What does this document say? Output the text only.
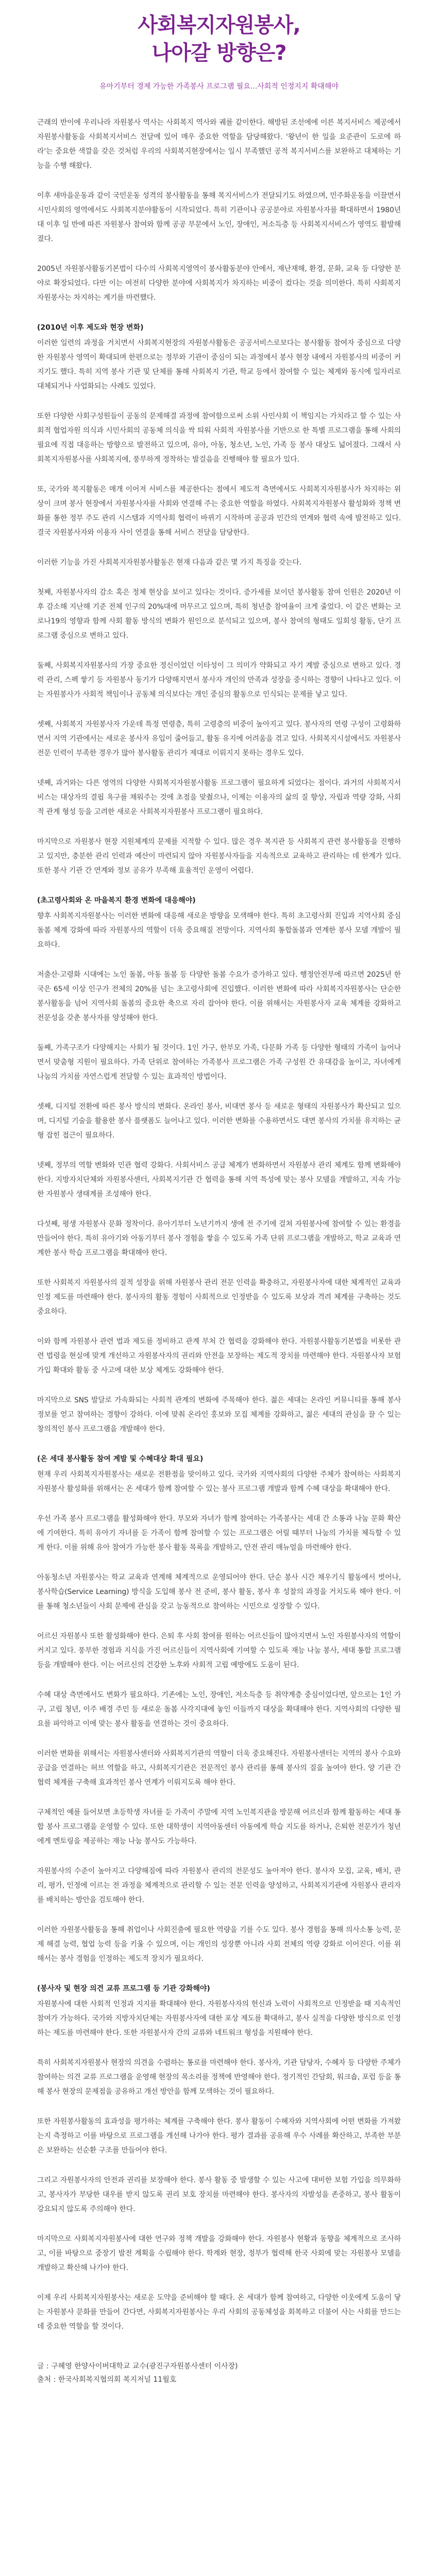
사회복지자원봉사,
나아갈 방향은?

유아기부터 경제 가능한 가족봉사 프로그램 필요...사회적 인정지지 확대해야

근래의 반이에 우리나라 자원봉사 역사는 사회복지 역사와 궤를 같이한다. 해방된 조선에에 이른 복지서비스 제공에서 자원봉사활동을 사회복지서비스 전달에 있어 매우 중요한 역할을 담당해왔다. '왕년이 한 일을 요준관이 도로에 하라'는 중요한 색깔을 갖은 것처럼 우리의 사회복지현장에서는 일시 부족했던 공적 복지서비스를 보완하고 대체하는 기능을 수행 해왔다.

이후 새마을운동과 같이 국민운동 성격의 봉사활동을 통해 복지서비스가 전달되기도 하였으며, 민주화운동을 이끌면서 시민사회의 영역에서도 사회복지분야활동이 시작되었다. 특히 기관이나 공공분야로 자원봉사자를 확대하면서 1980년대 이후 일 반에 따른 자원봉사 참여와 함께 공공 부문에서 노인, 장애인, 저소득층 등 사회복지서비스가 영역도 활발해졌다.

2005년 자원봉사활동기본법이 다수의 사회복지영역이 봉사활동분야 안에서, 재난재해, 환경, 문화, 교육 등 다양한 분야로 확장되었다. 다만 이는 여전히 다양한 분야에 사회복지가 차지하는 비중이 컸다는 것을 의미한다. 특히 사회복지 자원봉사는 차지하는 계기를 마련했다.

(2010년 이후 제도와 현장 변화)

이러한 일련의 과정을 거치면서 사회복지현장의 자원봉사활동은 공공서비스로보다는 봉사활동 참여자 중심으로 다양한 자원봉사 영역이 확대되며 한편으로는 정부와 기관이 중심이 되는 과정에서 봉사 현장 내에서 자원봉사의 비중이 커지기도 했다. 특히 지역 봉사 기관 및 단체를 통해 사회복지 기관, 학교 등에서 참여할 수 있는 체계와 동시에 일자리로 대체되거나 사업화되는 사례도 있었다.

또한 다양한 사회구성원들이 공동의 문제해결 과정에 참여함으로써 소위 사민사회 이 책임지는 가치라고 할 수 있는 사회적 협업자원 의식과 시민사회의 공동체 의식을 싹 틔워 사회적 자원봉사를 기반으로 한 특별 프로그램을 통해 사회의 필요에 직접 대응하는 방향으로 발전하고 있으며, 유아, 아동, 청소년, 노인, 가족 등 봉사 대상도 넓어졌다. 그래서 사회복지자원봉사를 사회복지에, 풍부하게 정착하는 발걸음을 진행해야 할 필요가 있다.

또, 국가와 복지활동은 매개 이어져 서비스를 제공한다는 점에서 제도적 측면에서도 사회복지자원봉사가 차지하는 위상이 크며 봉사 현장에서 자원봉사자를 사회와 연결해 주는 중요한 역할을 하였다. 사회복지자원봉사 활성화와 정책 변화를 통한 정부 주도 관리 시스템과 지역사회 협력이 바뀌기 시작하며 공공과 민간의 연계와 협력 속에 발전하고 있다. 결국 자원봉사자와 이용자 사이 연결을 통해 서비스 전달을 담당한다.

이러한 기능을 가진 사회복지자원봉사활동은 현재 다음과 같은 몇 가지 특징을 갖는다.

첫째, 자원봉사자의 감소 혹은 정체 현상을 보이고 있다는 것이다. 증가세를 보이던 봉사활동 참여 인원은 2020년 이후 감소해 지난해 기준 전체 인구의 20%대에 머무르고 있으며, 특히 청년층 참여율이 크게 줄었다. 이 같은 변화는 코로나19의 영향과 함께 사회 활동 방식의 변화가 원인으로 분석되고 있으며, 봉사 참여의 형태도 일회성 활동, 단기 프로그램 중심으로 변하고 있다.

둘째, 사회복지자원봉사의 가장 중요한 정신이었던 이타성이 그 의미가 약화되고 자기 계발 중심으로 변하고 있다. 경력 관리, 스펙 쌓기 등 자원봉사 동기가 다양해지면서 봉사자 개인의 만족과 성장을 중시하는 경향이 나타나고 있다. 이는 자원봉사가 사회적 책임이나 공동체 의식보다는 개인 중심의 활동으로 인식되는 문제를 낳고 있다.

셋째, 사회복지 자원봉사자 가운데 특정 연령층, 특히 고령층의 비중이 높아지고 있다. 봉사자의 연령 구성이 고령화하면서 지역 기관에서는 새로운 봉사자 유입이 줄어들고, 활동 유지에 어려움을 겪고 있다. 사회복지시설에서도 자원봉사 전문 인력이 부족한 경우가 많아 봉사활동 관리가 제대로 이뤄지지 못하는 경우도 있다.

넷째, 과거와는 다른 영역의 다양한 사회복지자원봉사활동 프로그램이 필요하게 되었다는 점이다. 과거의 사회복지서비스는 대상자의 결핍 욕구를 채워주는 것에 초점을 맞췄으나, 이제는 이용자의 삶의 질 향상, 자립과 역량 강화, 사회적 관계 형성 등을 고려한 새로운 사회복지자원봉사 프로그램이 필요하다.

마지막으로 자원봉사 현장 지원체계의 문제를 지적할 수 있다. 많은 경우 복지관 등 사회복지 관련 봉사활동을 진행하고 있지만, 충분한 관리 인력과 예산이 마련되지 않아 자원봉사자들을 지속적으로 교육하고 관리하는 데 한계가 있다. 또한 봉사 기관 간 연계와 정보 공유가 부족해 효율적인 운영이 어렵다.

(초고령사회와 온 마을복지 환경 변화에 대응해야)

향후 사회복지자원봉사는 이러한 변화에 대응해 새로운 방향을 모색해야 한다. 특히 초고령사회 진입과 지역사회 중심 돌봄 체계 강화에 따라 자원봉사의 역할이 더욱 중요해질 전망이다. 지역사회 통합돌봄과 연계한 봉사 모델 개발이 필요하다.

저출산·고령화 시대에는 노인 돌봄, 아동 돌봄 등 다양한 돌봄 수요가 증가하고 있다. 행정안전부에 따르면 2025년 한국은 65세 이상 인구가 전체의 20%를 넘는 초고령사회에 진입했다. 이러한 변화에 따라 사회복지자원봉사는 단순한 봉사활동을 넘어 지역사회 돌봄의 중요한 축으로 자리 잡아야 한다. 이를 위해서는 자원봉사자 교육 체계를 강화하고 전문성을 갖춘 봉사자를 양성해야 한다.

둘째, 가족구조가 다양해지는 사회가 될 것이다. 1인 가구, 한부모 가족, 다문화 가족 등 다양한 형태의 가족이 늘어나면서 맞춤형 지원이 필요하다. 가족 단위로 참여하는 가족봉사 프로그램은 가족 구성원 간 유대감을 높이고, 자녀에게 나눔의 가치를 자연스럽게 전달할 수 있는 효과적인 방법이다.

셋째, 디지털 전환에 따른 봉사 방식의 변화다. 온라인 봉사, 비대면 봉사 등 새로운 형태의 자원봉사가 확산되고 있으며, 디지털 기술을 활용한 봉사 플랫폼도 늘어나고 있다. 이러한 변화를 수용하면서도 대면 봉사의 가치를 유지하는 균형 잡힌 접근이 필요하다.

넷째, 정부의 역할 변화와 민관 협력 강화다. 사회서비스 공급 체계가 변화하면서 자원봉사 관리 체계도 함께 변화해야 한다. 지방자치단체와 자원봉사센터, 사회복지기관 간 협력을 통해 지역 특성에 맞는 봉사 모델을 개발하고, 지속 가능한 자원봉사 생태계를 조성해야 한다.

다섯째, 평생 자원봉사 문화 정착이다. 유아기부터 노년기까지 생애 전 주기에 걸쳐 자원봉사에 참여할 수 있는 환경을 만들어야 한다. 특히 유아기와 아동기부터 봉사 경험을 쌓을 수 있도록 가족 단위 프로그램을 개발하고, 학교 교육과 연계한 봉사 학습 프로그램을 확대해야 한다.

또한 사회복지 자원봉사의 질적 성장을 위해 자원봉사 관리 전문 인력을 확충하고, 자원봉사자에 대한 체계적인 교육과 인정 제도를 마련해야 한다. 봉사자의 활동 경험이 사회적으로 인정받을 수 있도록 보상과 격려 체계를 구축하는 것도 중요하다.

이와 함께 자원봉사 관련 법과 제도를 정비하고 관계 부처 간 협력을 강화해야 한다. 자원봉사활동기본법을 비롯한 관련 법령을 현실에 맞게 개선하고 자원봉사자의 권리와 안전을 보장하는 제도적 장치를 마련해야 한다. 자원봉사자 보험 가입 확대와 활동 중 사고에 대한 보상 체계도 강화해야 한다.

마지막으로 SNS 발달로 가속화되는 사회적 관계의 변화에 주목해야 한다. 젊은 세대는 온라인 커뮤니티를 통해 봉사 정보를 얻고 참여하는 경향이 강하다. 이에 맞춰 온라인 홍보와 모집 체계를 강화하고, 젊은 세대의 관심을 끌 수 있는 창의적인 봉사 프로그램을 개발해야 한다.

(온 세대 봉사활동 참여 계발 및 수혜대상 확대 필요)

현재 우리 사회복지자원봉사는 새로운 전환점을 맞이하고 있다. 국가와 지역사회의 다양한 주체가 참여하는 사회복지자원봉사 활성화를 위해서는 온 세대가 함께 참여할 수 있는 봉사 프로그램 개발과 함께 수혜 대상을 확대해야 한다.

우선 가족 봉사 프로그램을 활성화해야 한다. 부모와 자녀가 함께 참여하는 가족봉사는 세대 간 소통과 나눔 문화 확산에 기여한다. 특히 유아기 자녀를 둔 가족이 함께 참여할 수 있는 프로그램은 어릴 때부터 나눔의 가치를 체득할 수 있게 한다. 이를 위해 유아 참여가 가능한 봉사 활동 목록을 개발하고, 안전 관리 매뉴얼을 마련해야 한다.

아동청소년 자원봉사는 학교 교육과 연계해 체계적으로 운영되어야 한다. 단순 봉사 시간 채우기식 활동에서 벗어나, 봉사학습(Service Learning) 방식을 도입해 봉사 전 준비, 봉사 활동, 봉사 후 성찰의 과정을 거치도록 해야 한다. 이를 통해 청소년들이 사회 문제에 관심을 갖고 능동적으로 참여하는 시민으로 성장할 수 있다.

어르신 자원봉사 또한 활성화해야 한다. 은퇴 후 사회 참여를 원하는 어르신들이 많아지면서 노인 자원봉사자의 역할이 커지고 있다. 풍부한 경험과 지식을 가진 어르신들이 지역사회에 기여할 수 있도록 재능 나눔 봉사, 세대 통합 프로그램 등을 개발해야 한다. 이는 어르신의 건강한 노후와 사회적 고립 예방에도 도움이 된다.

수혜 대상 측면에서도 변화가 필요하다. 기존에는 노인, 장애인, 저소득층 등 취약계층 중심이었다면, 앞으로는 1인 가구, 고립 청년, 이주 배경 주민 등 새로운 돌봄 사각지대에 놓인 이들까지 대상을 확대해야 한다. 지역사회의 다양한 필요를 파악하고 이에 맞는 봉사 활동을 연결하는 것이 중요하다.

이러한 변화를 위해서는 자원봉사센터와 사회복지기관의 역할이 더욱 중요해진다. 자원봉사센터는 지역의 봉사 수요와 공급을 연결하는 허브 역할을 하고, 사회복지기관은 전문적인 봉사 관리를 통해 봉사의 질을 높여야 한다. 양 기관 간 협력 체계를 구축해 효과적인 봉사 연계가 이뤄지도록 해야 한다.

구체적인 예를 들어보면 초등학생 자녀를 둔 가족이 주말에 지역 노인복지관을 방문해 어르신과 함께 활동하는 세대 통합 봉사 프로그램을 운영할 수 있다. 또한 대학생이 지역아동센터 아동에게 학습 지도를 하거나, 은퇴한 전문가가 청년에게 멘토링을 제공하는 재능 나눔 봉사도 가능하다.

자원봉사의 수준이 높아지고 다양해짐에 따라 자원봉사 관리의 전문성도 높아져야 한다. 봉사자 모집, 교육, 배치, 관리, 평가, 인정에 이르는 전 과정을 체계적으로 관리할 수 있는 전문 인력을 양성하고, 사회복지기관에 자원봉사 관리자를 배치하는 방안을 검토해야 한다.

이러한 자원봉사활동을 통해 취업이나 사회진출에 필요한 역량을 기를 수도 있다. 봉사 경험을 통해 의사소통 능력, 문제 해결 능력, 협업 능력 등을 키울 수 있으며, 이는 개인의 성장뿐 아니라 사회 전체의 역량 강화로 이어진다. 이를 위해서는 봉사 경험을 인정하는 제도적 장치가 필요하다.

(봉사자 및 현장 의견 교류 프로그램 등 기관 강화해야)

자원봉사에 대한 사회적 인정과 지지를 확대해야 한다. 자원봉사자의 헌신과 노력이 사회적으로 인정받을 때 지속적인 참여가 가능하다. 국가와 지방자치단체는 자원봉사자에 대한 포상 제도를 확대하고, 봉사 실적을 다양한 방식으로 인정하는 제도를 마련해야 한다. 또한 자원봉사자 간의 교류와 네트워크 형성을 지원해야 한다.

특히 사회복지자원봉사 현장의 의견을 수렴하는 통로를 마련해야 한다. 봉사자, 기관 담당자, 수혜자 등 다양한 주체가 참여하는 의견 교류 프로그램을 운영해 현장의 목소리를 정책에 반영해야 한다. 정기적인 간담회, 워크숍, 포럼 등을 통해 봉사 현장의 문제점을 공유하고 개선 방안을 함께 모색하는 것이 필요하다.

또한 자원봉사활동의 효과성을 평가하는 체계를 구축해야 한다. 봉사 활동이 수혜자와 지역사회에 어떤 변화를 가져왔는지 측정하고 이를 바탕으로 프로그램을 개선해 나가야 한다. 평가 결과를 공유해 우수 사례를 확산하고, 부족한 부분은 보완하는 선순환 구조를 만들어야 한다.

그리고 자원봉사자의 안전과 권리를 보장해야 한다. 봉사 활동 중 발생할 수 있는 사고에 대비한 보험 가입을 의무화하고, 봉사자가 부당한 대우를 받지 않도록 권리 보호 장치를 마련해야 한다. 봉사자의 자발성을 존중하고, 봉사 활동이 강요되지 않도록 주의해야 한다.

마지막으로 사회복지자원봉사에 대한 연구와 정책 개발을 강화해야 한다. 자원봉사 현황과 동향을 체계적으로 조사하고, 이를 바탕으로 중장기 발전 계획을 수립해야 한다. 학계와 현장, 정부가 협력해 한국 사회에 맞는 자원봉사 모델을 개발하고 확산해 나가야 한다.

이제 우리 사회복지자원봉사는 새로운 도약을 준비해야 할 때다. 온 세대가 함께 참여하고, 다양한 이웃에게 도움이 닿는 자원봉사 문화를 만들어 간다면, 사회복지자원봉사는 우리 사회의 공동체성을 회복하고 더불어 사는 사회를 만드는 데 중요한 역할을 할 것이다.

글 : 구혜영 한양사이버대학교 교수(광진구자원봉사센터 이사장)
출처 : 한국사회복지협의회 복지저널 11월호
